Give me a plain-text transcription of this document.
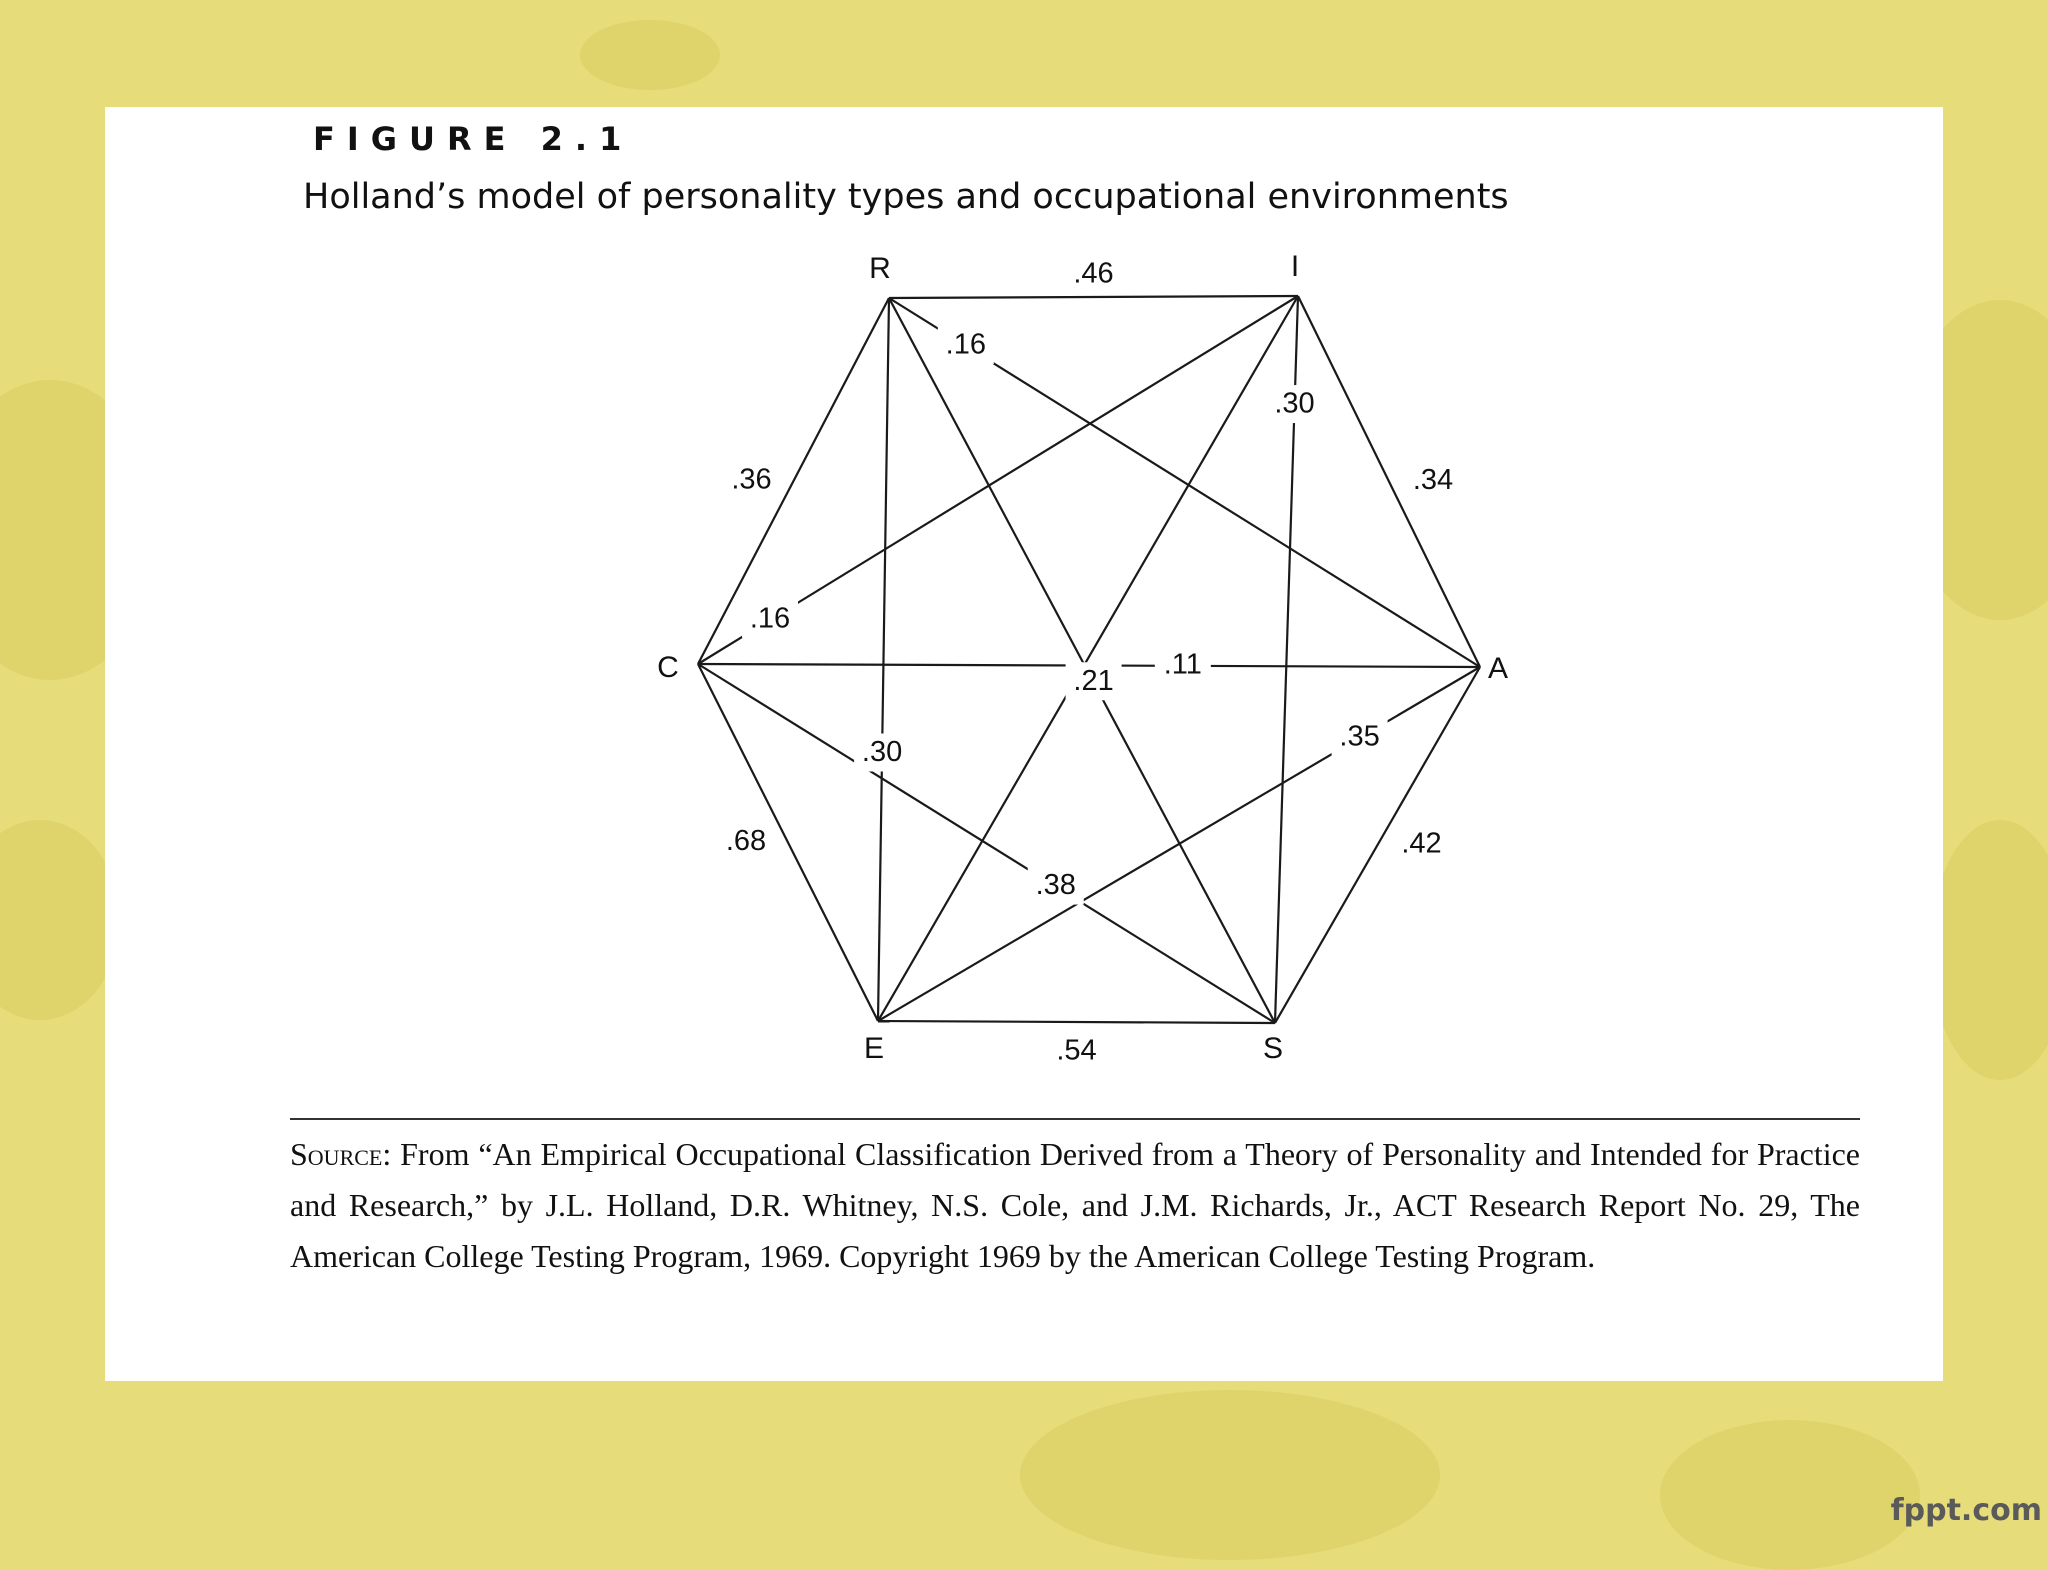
FIGURE 2.1
Holland’s model of personality types and occupational environments
.46
.34
.42
.54
.68
.36
.16
.16
.30
.30
.21
.11
.35
.38
R	I
A
S
E
C

Source: From “An Empirical Occupational Classification Derived from a Theory of Personality and Intended for Practice and Research,” by J.L. Holland, D.R. Whitney, N.S. Cole, and J.M. Richards, Jr., ACT Research Report No. 29, The American College Testing Program, 1969. Copyright 1969 by the American College Testing Program.

fppt.com
